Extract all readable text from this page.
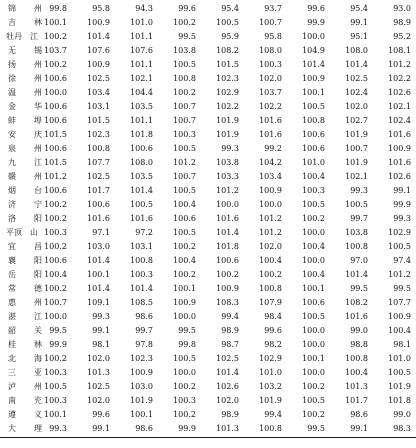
锦 州 99.8	95.8	94.3	99.6	95.4	93.7	99.6	95.4	93.0
吉 林 100.1	100.9	101.0	100.2	100.5	100.7	99.9	99.1	98.9
牡丹 江 100.2	101.4	101.1	99.5	95.9	95.8	100.0	95.1	95.2
无 锡 103.7	107.6	107.6	103.8	108.2	108.0	104.9	108.0	108.1
扬 州 100.2	100.9	101.1	100.5	101.5	100.3	101.4	101.4	101.2
徐 州 100.6	102.5	102.1	100.8	102.3	102.0	100.9	102.5	102.2
温 州 100.0	103.4	104.4	100.2	102.9	103.7	100.1	102.4	102.6
金 华 100.6	103.1	103.5	100.7	102.2	102.2	100.5	102.0	102.1
蚌 埠 100.6	101.5	101.1	100.7	101.9	101.6	100.8	102.7	102.4
安 庆 101.5	102.3	101.8	100.3	101.9	101.6	100.6	101.9	101.6
泉 州 100.6	100.8	100.6	100.5	99.3	99.2	100.6	100.7	100.9
九 江 101.5	107.7	108.0	101.2	103.8	104.2	101.0	101.9	101.6
赣 州 101.2	102.5	103.5	100.7	103.3	103.4	100.4	102.1	102.6
烟 台 100.6	101.7	101.4	100.5	101.2	100.9	100.3	99.3	99.1
济 宁 100.2	100.6	100.5	100.4	100.0	100.0	100.5	100.5	99.9
洛 阳 100.2	101.6	101.6	100.6	101.6	101.2	100.2	99.7	99.3
平顶 山 100.3	97.1	97.2	100.5	101.4	101.2	100.0	103.8	102.9
宜 昌 100.2	103.0	103.1	100.2	101.8	102.0	100.4	100.8	100.5
襄 阳 100.6	101.4	100.8	100.4	100.6	100.4	100.0	97.0	97.4
岳 阳 100.4	100.1	100.3	100.2	100.2	100.2	100.4	101.4	101.2
常 德 100.2	101.4	101.4	100.1	100.9	100.8	100.1	99.5	99.5
惠 州 100.7	109.1	108.5	100.9	108.3	107.9	100.6	108.2	107.7
湛 江 100.0	99.3	98.6	100.0	99.4	98.4	100.5	101.6	100.9
韶 关 99.5	99.1	99.7	99.5	98.9	99.6	100.0	99.0	100.4
桂 林 99.9	98.1	97.8	99.8	98.7	98.2	100.0	98.8	98.1
北 海 100.2	102.0	102.3	100.5	102.5	102.9	100.1	100.8	101.0
三 亚 100.3	101.3	100.9	100.0	101.4	101.0	100.0	100.4	100.5
泸 州 100.5	102.5	103.0	100.2	102.6	103.2	100.2	101.3	101.9
南 充 100.3	102.0	101.9	100.3	102.0	101.9	100.5	101.7	101.8
遵 义 100.1	99.6	100.1	100.2	98.9	99.4	100.2	98.6	99.0
大 理 99.3	99.1	98.6	99.9	101.3	100.8	99.5	99.1	98.3
